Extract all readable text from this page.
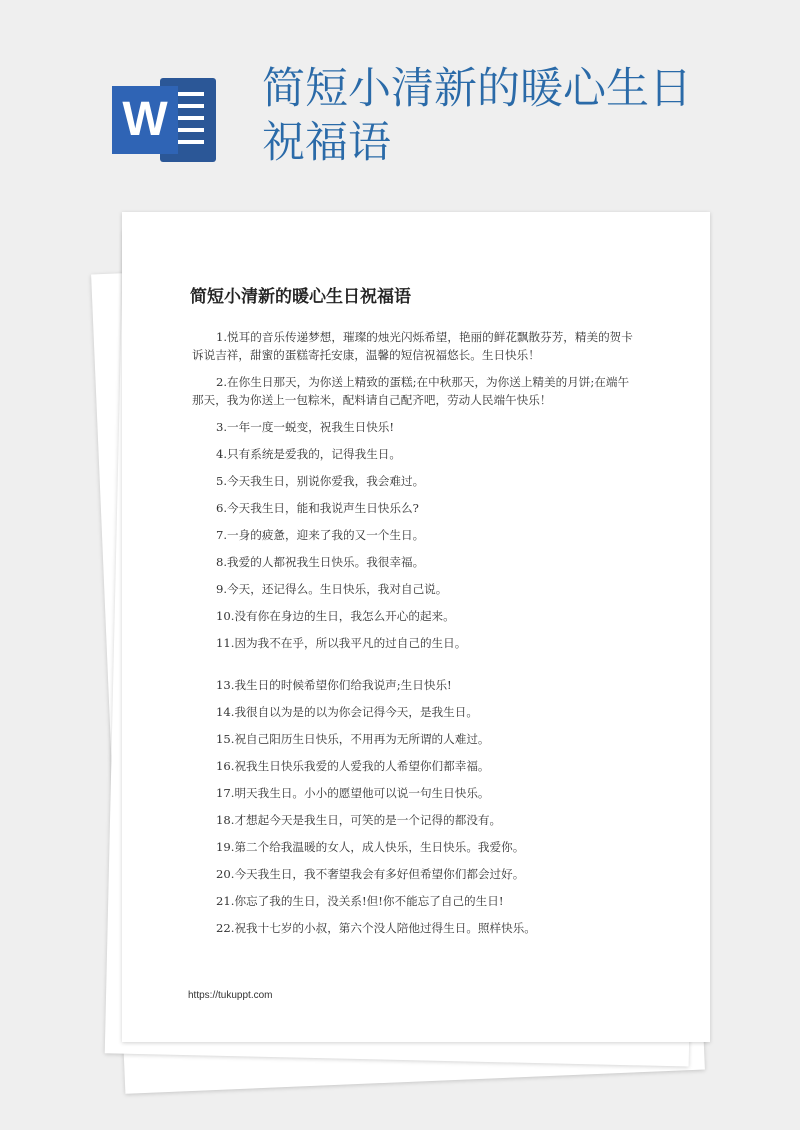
W
简短小清新的暖心生日祝福语
简短小清新的暖心生日祝福语
1.悦耳的音乐传递梦想，璀璨的烛光闪烁希望，艳丽的鲜花飘散芬芳，精美的贺卡诉说吉祥，甜蜜的蛋糕寄托安康，温馨的短信祝福悠长。生日快乐！
2.在你生日那天，为你送上精致的蛋糕;在中秋那天，为你送上精美的月饼;在端午那天，我为你送上一包粽米，配料请自己配齐吧，劳动人民端午快乐！
3.一年一度一蜕变，祝我生日快乐!
4.只有系统是爱我的，记得我生日。
5.今天我生日，别说你爱我，我会难过。
6.今天我生日，能和我说声生日快乐么?
7.一身的疲惫，迎来了我的又一个生日。
8.我爱的人都祝我生日快乐。我很幸福。
9.今天，还记得么。生日快乐，我对自己说。
10.没有你在身边的生日，我怎么开心的起来。
11.因为我不在乎，所以我平凡的过自己的生日。
13.我生日的时候希望你们给我说声;生日快乐!
14.我很自以为是的以为你会记得今天，是我生日。
15.祝自己阳历生日快乐，不用再为无所谓的人难过。
16.祝我生日快乐我爱的人爱我的人希望你们都幸福。
17.明天我生日。小小的愿望他可以说一句生日快乐。
18.才想起今天是我生日，可笑的是一个记得的都没有。
19.第二个给我温暖的女人，成人快乐，生日快乐。我爱你。
20.今天我生日，我不奢望我会有多好但希望你们都会过好。
21.你忘了我的生日，没关系!但!你不能忘了自己的生日!
22.祝我十七岁的小叔，第六个没人陪他过得生日。照样快乐。
https://tukuppt.com
